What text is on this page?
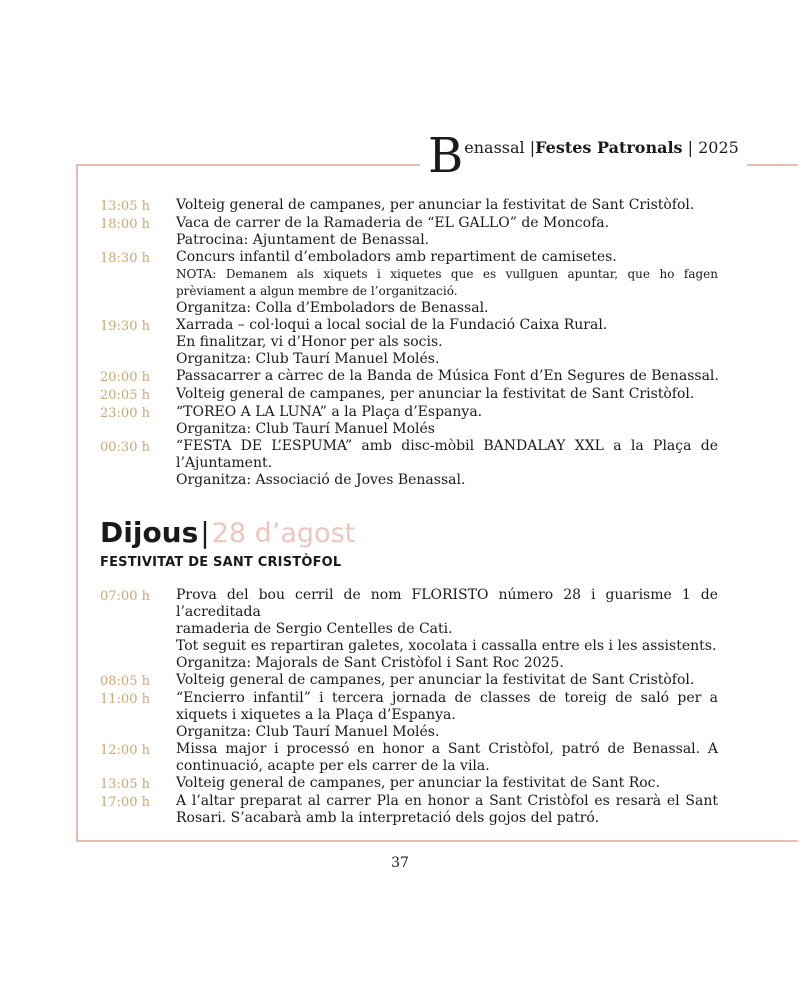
B enassal |Festes Patronals | 2025
13:05 h	Volteig general de campanes, per anunciar la festivitat de Sant Cristòfol.
18:00 h	Vaca de carrer de la Ramaderia de “EL GALLO” de Moncofa.
Patrocina: Ajuntament de Benassal.
18:30 h	Concurs infantil d’emboladors amb repartiment de camisetes.
NOTA: Demanem als xiquets i xiquetes que es vullguen apuntar, que ho fagen
prèviament a algun membre de l’organització.
Organitza: Colla d’Emboladors de Benassal.
19:30 h	Xarrada – col·loqui a local social de la Fundació Caixa Rural.
En finalitzar, vi d’Honor per als socis.
Organitza: Club Taurí Manuel Molés.
20:00 h	Passacarrer a càrrec de la Banda de Música Font d’En Segures de Benassal.
20:05 h	Volteig general de campanes, per anunciar la festivitat de Sant Cristòfol.
23:00 h	“TOREO A LA LUNA” a la Plaça d’Espanya.
Organitza: Club Taurí Manuel Molés
00:30 h	“FESTA DE L’ESPUMA” amb disc-mòbil BANDALAY XXL a la Plaça de
l’Ajuntament.
Organitza: Associació de Joves Benassal.
Dijous|28 d’agost
FESTIVITAT DE SANT CRISTÒFOL
07:00 h	Prova del bou cerril de nom FLORISTO número 28 i guarisme 1 de l’acreditada
ramaderia de Sergio Centelles de Cati.
Tot seguit es repartiran galetes, xocolata i cassalla entre els i les assistents.
Organitza: Majorals de Sant Cristòfol i Sant Roc 2025.
08:05 h	Volteig general de campanes, per anunciar la festivitat de Sant Cristòfol.
11:00 h	“Encierro infantil” i tercera jornada de classes de toreig de saló per a
xiquets i xiquetes a la Plaça d’Espanya.
Organitza: Club Taurí Manuel Molés.
12:00 h	Missa major i processó en honor a Sant Cristòfol, patró de Benassal. A
continuació, acapte per els carrer de la vila.
13:05 h	Volteig general de campanes, per anunciar la festivitat de Sant Roc.
17:00 h	A l’altar preparat al carrer Pla en honor a Sant Cristòfol es resarà el Sant
Rosari. S’acabarà amb la interpretació dels gojos del patró.
37
